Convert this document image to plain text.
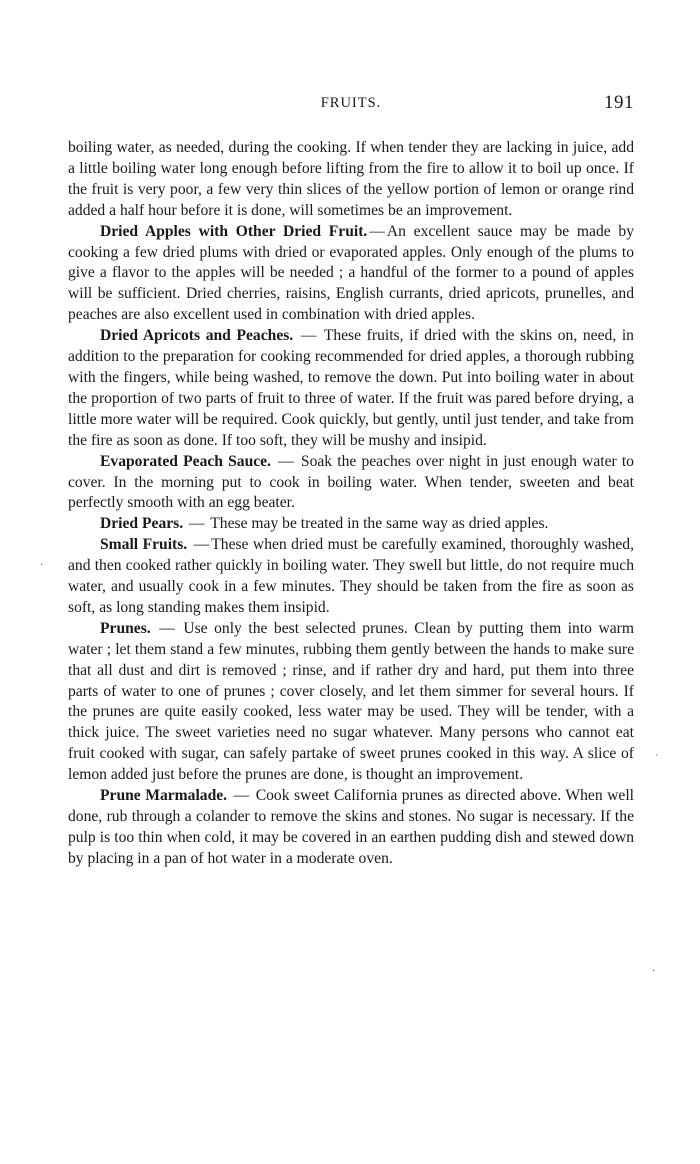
FRUITS.	191

boiling water, as needed, during the cooking. If when tender they are lacking in juice, add a little boiling water long enough before lifting from the fire to allow it to boil up once. If the fruit is very poor, a few very thin slices of the yellow portion of lemon or orange rind added a half hour before it is done, will sometimes be an improvement.

Dried Apples with Other Dried Fruit. — An excellent sauce may be made by cooking a few dried plums with dried or evaporated apples. Only enough of the plums to give a flavor to the apples will be needed ; a handful of the former to a pound of apples will be sufficient. Dried cherries, raisins, English currants, dried apricots, prunelles, and peaches are also excellent used in combination with dried apples.

Dried Apricots and Peaches. — These fruits, if dried with the skins on, need, in addition to the preparation for cooking recommended for dried apples, a thorough rubbing with the fingers, while being washed, to remove the down. Put into boiling water in about the proportion of two parts of fruit to three of water. If the fruit was pared before drying, a little more water will be required. Cook quickly, but gently, until just tender, and take from the fire as soon as done. If too soft, they will be mushy and insipid.

Evaporated Peach Sauce. — Soak the peaches over night in just enough water to cover. In the morning put to cook in boiling water. When tender, sweeten and beat perfectly smooth with an egg beater.

Dried Pears. — These may be treated in the same way as dried apples.

Small Fruits. — These when dried must be carefully examined, thoroughly washed, and then cooked rather quickly in boiling water. They swell but little, do not require much water, and usually cook in a few minutes. They should be taken from the fire as soon as soft, as long standing makes them insipid.

Prunes. — Use only the best selected prunes. Clean by putting them into warm water ; let them stand a few minutes, rubbing them gently between the hands to make sure that all dust and dirt is removed ; rinse, and if rather dry and hard, put them into three parts of water to one of prunes ; cover closely, and let them simmer for several hours. If the prunes are quite easily cooked, less water may be used. They will be tender, with a thick juice. The sweet varieties need no sugar whatever. Many persons who cannot eat fruit cooked with sugar, can safely partake of sweet prunes cooked in this way. A slice of lemon added just before the prunes are done, is thought an improvement.

Prune Marmalade. — Cook sweet California prunes as directed above. When well done, rub through a colander to remove the skins and stones. No sugar is necessary. If the pulp is too thin when cold, it may be covered in an earthen pudding dish and stewed down by placing in a pan of hot water in a moderate oven.

·
`
·
